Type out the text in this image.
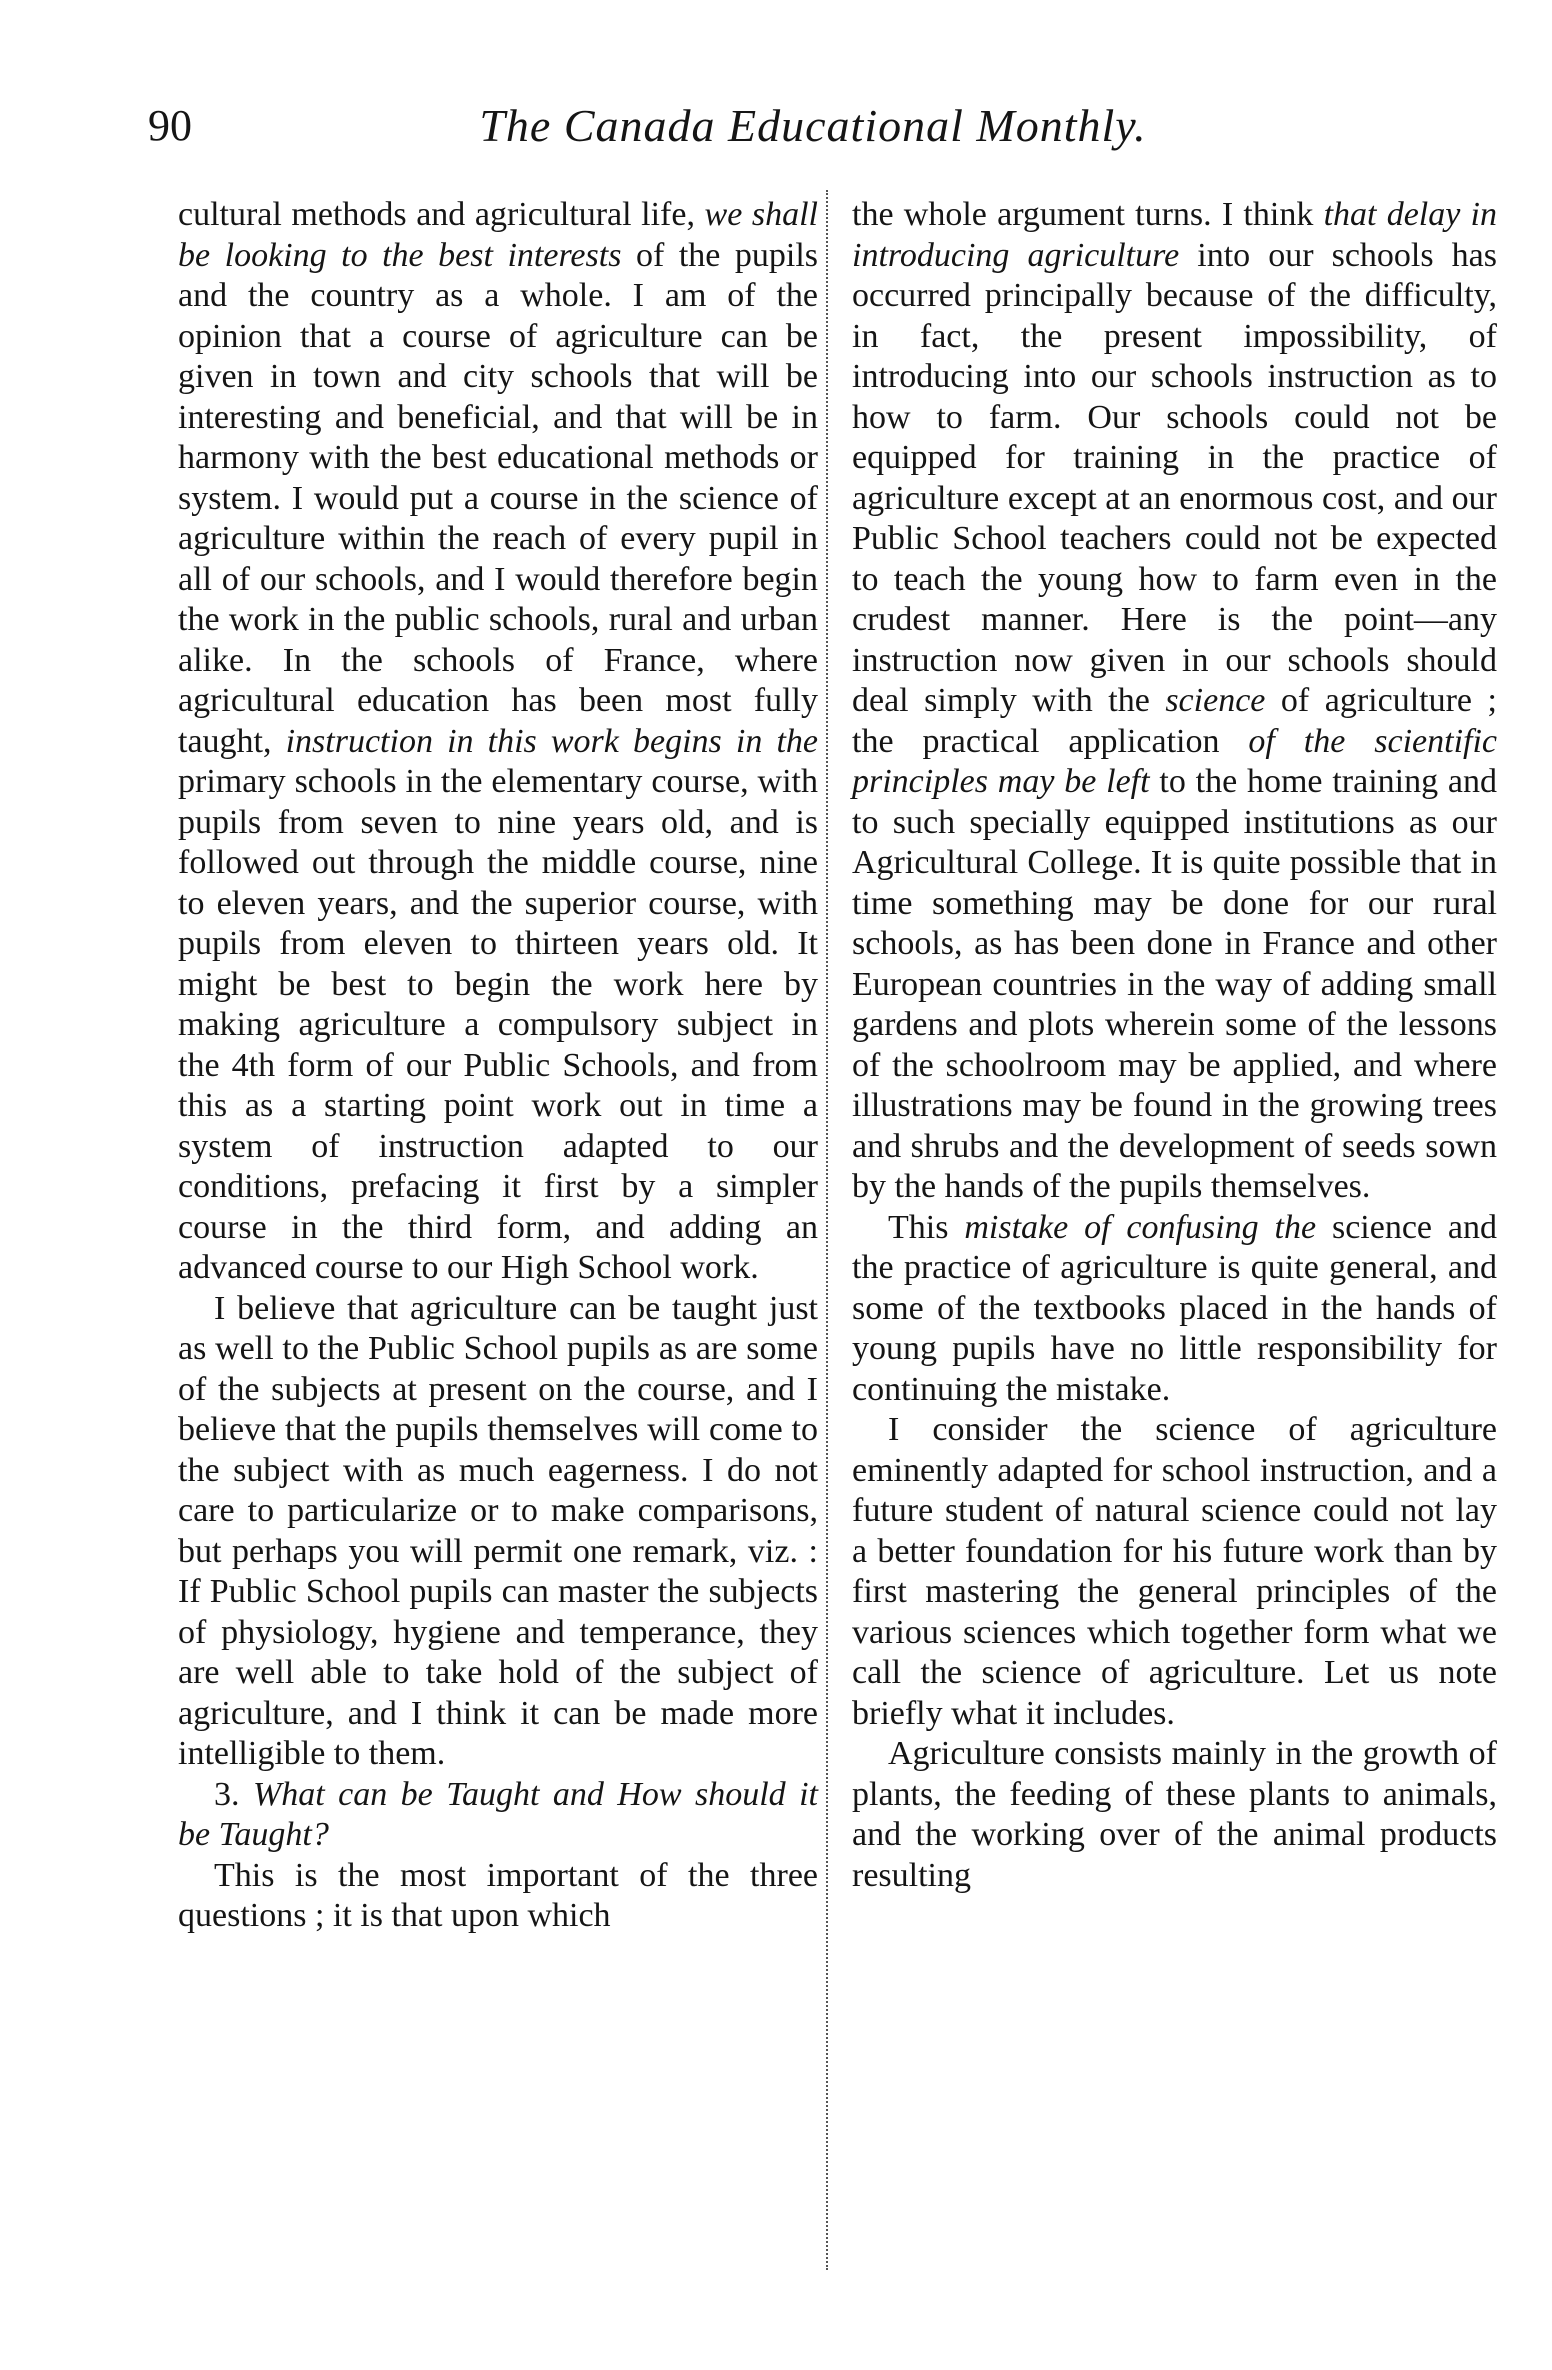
90	The Canada Educational Monthly.

cultural methods and agricultural life, we shall be looking to the best interests of the pupils and the country as a whole. I am of the opinion that a course of agriculture can be given in town and city schools that will be interesting and beneficial, and that will be in harmony with the best educational methods or system. I would put a course in the science of agriculture within the reach of every pupil in all of our schools, and I would therefore begin the work in the public schools, rural and urban alike. In the schools of France, where agricultural education has been most fully taught, instruction in this work begins in the primary schools in the elementary course, with pupils from seven to nine years old, and is followed out through the middle course, nine to eleven years, and the superior course, with pupils from eleven to thirteen years old. It might be best to begin the work here by making agriculture a compulsory subject in the 4th form of our Public Schools, and from this as a starting point work out in time a system of instruction adapted to our conditions, prefacing it first by a simpler course in the third form, and adding an advanced course to our High School work.

I believe that agriculture can be taught just as well to the Public School pupils as are some of the subjects at present on the course, and I believe that the pupils themselves will come to the subject with as much eagerness. I do not care to particularize or to make comparisons, but perhaps you will permit one remark, viz. : If Public School pupils can master the subjects of physiology, hygiene and temperance, they are well able to take hold of the subject of agriculture, and I think it can be made more intelligible to them.

3. What can be Taught and How should it be Taught?

This is the most important of the three questions ; it is that upon which

the whole argument turns. I think that delay in introducing agriculture into our schools has occurred principally because of the difficulty, in fact, the present impossibility, of introducing into our schools instruction as to how to farm. Our schools could not be equipped for training in the practice of agriculture except at an enormous cost, and our Public School teachers could not be expected to teach the young how to farm even in the crudest manner. Here is the point—any instruction now given in our schools should deal simply with the science of agriculture ; the practical application of the scientific principles may be left to the home training and to such specially equipped institutions as our Agricultural College. It is quite possible that in time something may be done for our rural schools, as has been done in France and other European countries in the way of adding small gardens and plots wherein some of the lessons of the schoolroom may be applied, and where illustrations may be found in the growing trees and shrubs and the development of seeds sown by the hands of the pupils themselves.

This mistake of confusing the science and the practice of agriculture is quite general, and some of the textbooks placed in the hands of young pupils have no little responsibility for continuing the mistake.

I consider the science of agriculture eminently adapted for school instruction, and a future student of natural science could not lay a better foundation for his future work than by first mastering the general principles of the various sciences which together form what we call the science of agriculture. Let us note briefly what it includes.

Agriculture consists mainly in the growth of plants, the feeding of these plants to animals, and the working over of the animal products resulting
